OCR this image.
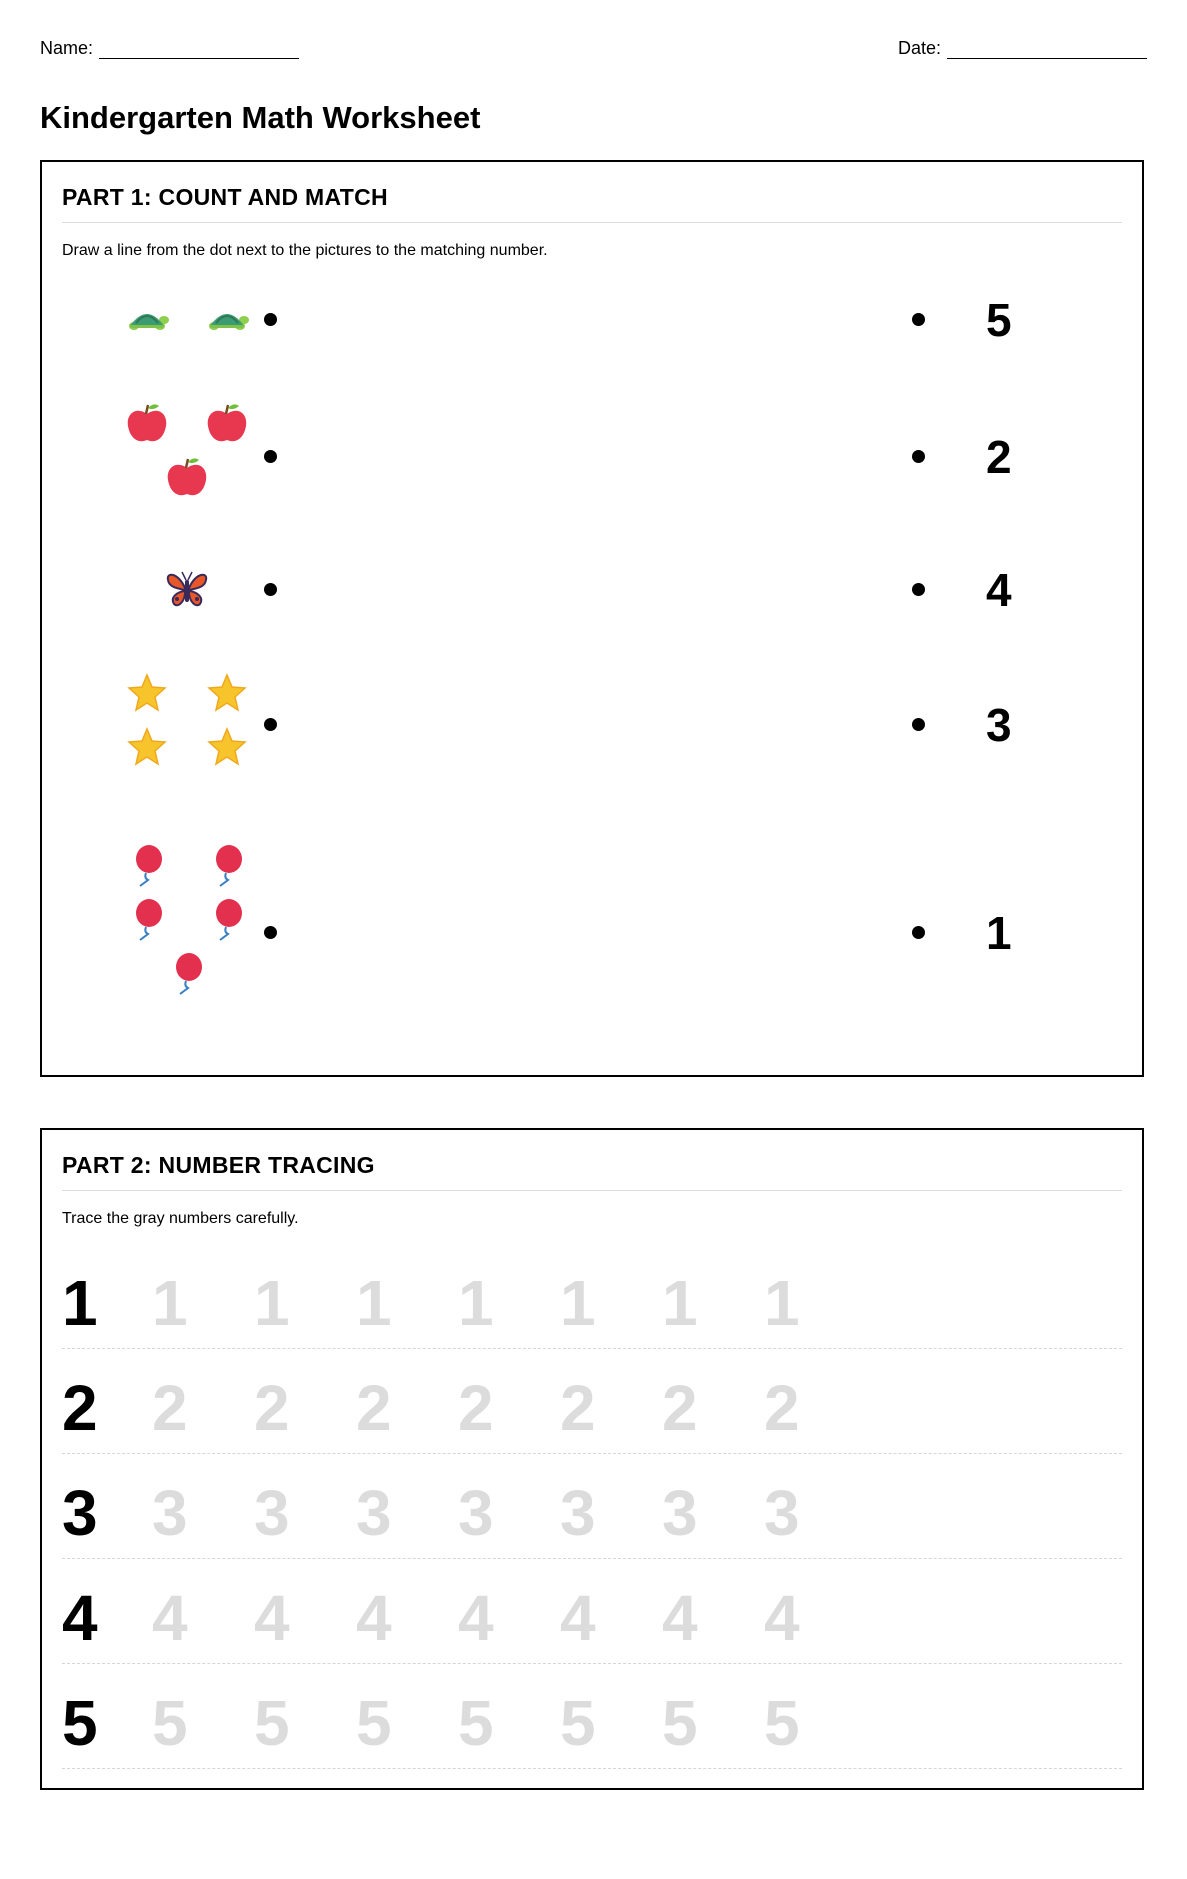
Name:	Date:
Kindergarten Math Worksheet
PART 1: COUNT AND MATCH

Draw a line from the dot next to the pictures to the matching number.

5
2
4
3
1
PART 2: NUMBER TRACING

Trace the gray numbers carefully.

1 1 1 1 1 1 1 1
2 2 2 2 2 2 2 2
3 3 3 3 3 3 3 3
4 4 4 4 4 4 4 4
5 5 5 5 5 5 5 5
